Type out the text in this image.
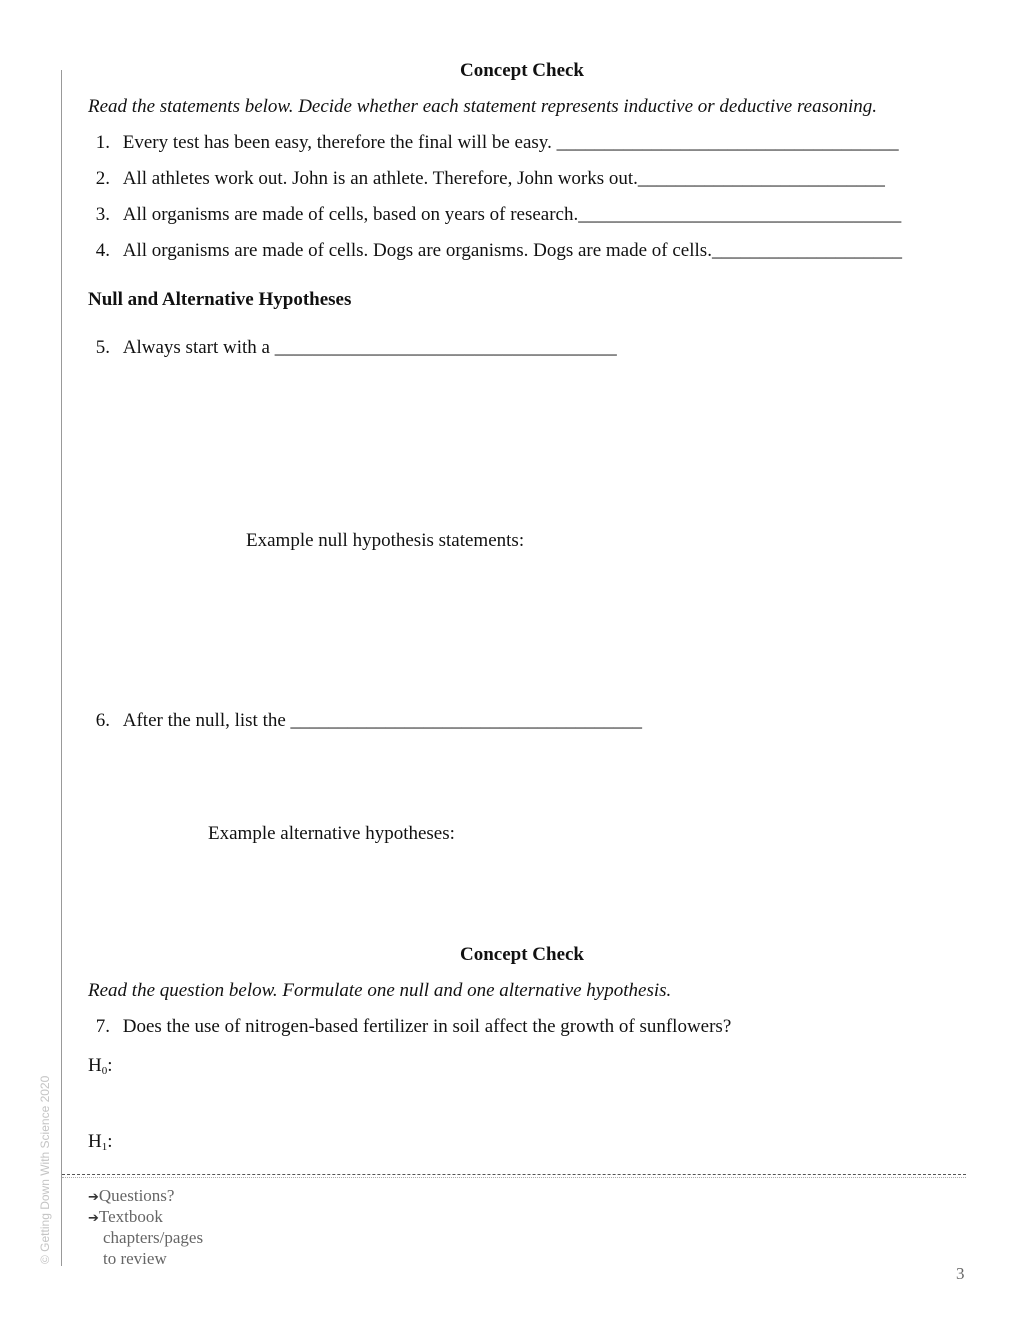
© Getting Down With Science 2020
Concept Check
Read the statements below. Decide whether each statement represents inductive or deductive reasoning.
1. Every test has been easy, therefore the final will be easy. ____________________________________
2. All athletes work out. John is an athlete. Therefore, John works out.__________________________
3. All organisms are made of cells, based on years of research.__________________________________
4. All organisms are made of cells. Dogs are organisms. Dogs are made of cells.____________________
Null and Alternative Hypotheses
5. Always start with a ____________________________________
Example null hypothesis statements:
6. After the null, list the _____________________________________
Example alternative hypotheses:
Concept Check
Read the question below. Formulate one null and one alternative hypothesis.
7. Does the use of nitrogen-based fertilizer in soil affect the growth of sunflowers?
$H_0$:
$H_1$:
➔Questions?
➔Textbook
chapters/pages
to review
3
